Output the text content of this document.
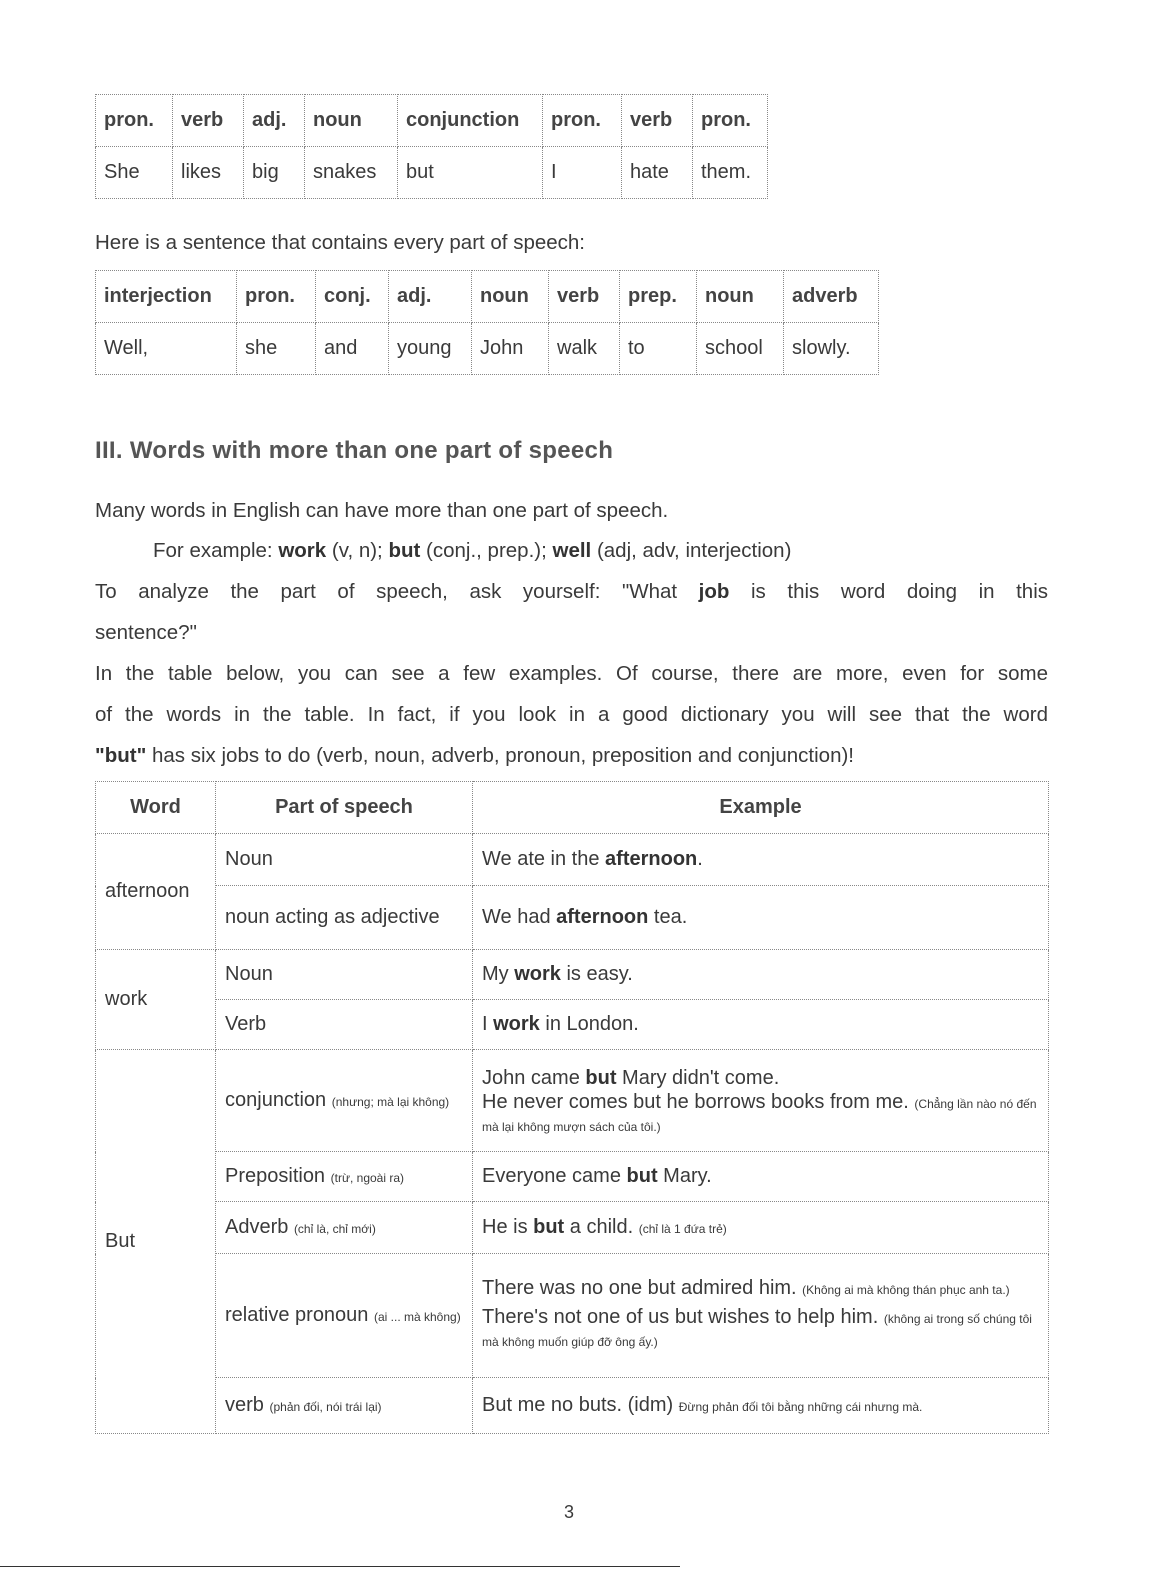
pron.	verb	adj.	noun	conjunction	pron.	verb	pron.
She	likes	big	snakes	but	I	hate	them.
Here is a sentence that contains every part of speech:
interjection	pron.	conj.	adj.	noun	verb	prep.	noun	adverb
Well,	she	and	young	John	walk	to	school	slowly.
III. Words with more than one part of speech
Many words in English can have more than one part of speech.
For example: work (v, n); but (conj., prep.); well (adj, adv, interjection)
To analyze the part of speech, ask yourself: "What job is this word doing in this
sentence?"
In the table below, you can see a few examples. Of course, there are more, even for some
of the words in the table. In fact, if you look in a good dictionary you will see that the word
"but" has six jobs to do (verb, noun, adverb, pronoun, preposition and conjunction)!
Word	Part of speech	Example
afternoon	Noun	We ate in the afternoon.
	noun acting as adjective	We had afternoon tea.
work	Noun	My work is easy.
	Verb	I work in London.
But	conjunction (nhưng; mà lại không)	John came but Mary didn't come.
He never comes but he borrows books from me. (Chẳng lần nào nó đến mà lại không mượn sách của tôi.)

	Preposition (trừ, ngoài ra)	Everyone came but Mary.
	Adverb (chỉ là, chỉ mới)	He is but a child. (chỉ là 1 đứa trẻ)
	relative pronoun (ai ... mà không)	There was no one but admired him. (Không ai mà không thán phục anh ta.)
There's not one of us but wishes to help him. (không ai trong số chúng tôi mà không muốn giúp đỡ ông ấy.)

	verb (phản đối, nói trái lại)	But me no buts. (idm) Đừng phản đối tôi bằng những cái nhưng mà.
3
